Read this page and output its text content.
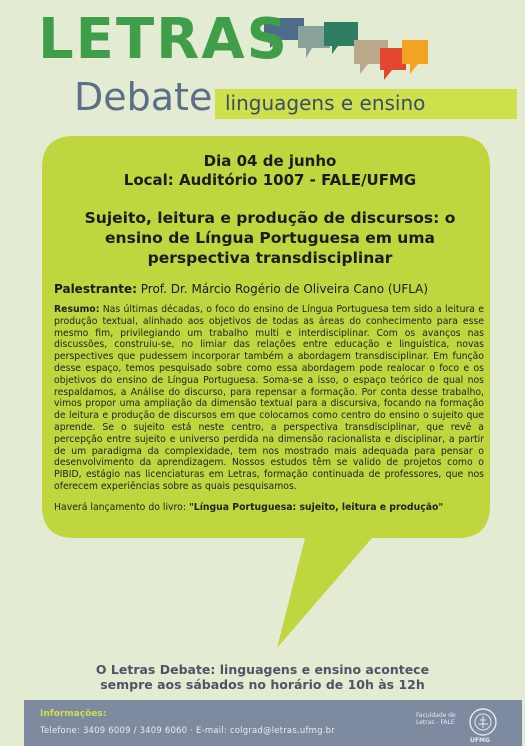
LETRAS
Debate linguagens e ensino
Dia 04 de junho
Local: Auditório 1007 - FALE/UFMG
Sujeito, leitura e produção de discursos: o ensino de Língua Portuguesa em uma perspectiva transdisciplinar
Palestrante: Prof. Dr. Márcio Rogério de Oliveira Cano (UFLA)
Resumo: Nas últimas décadas, o foco do ensino de Língua Portuguesa tem sido a leitura e produção textual, alinhado aos objetivos de todas as áreas do conhecimento para esse mesmo fim, privilegiando um trabalho multi e interdisciplinar. Com os avanços nas discussões, construiu-se, no limiar das relações entre educação e linguística, novas perspectives que pudessem incorporar também a abordagem transdisciplinar. Em função desse espaço, temos pesquisado sobre como essa abordagem pode realocar o foco e os objetivos do ensino de Língua Portuguesa. Soma-se a isso, o espaço teórico de qual nos respaldamos, a Análise do discurso, para repensar a formação. Por conta desse trabalho, vimos propor uma ampliação da dimensão textual para a discursiva, focando na formação de leitura e produção de discursos em que colocamos como centro do ensino o sujeito que aprende. Se o sujeito está neste centro, a perspectiva transdisciplinar, que revê a percepção entre sujeito e universo perdida na dimensão racionalista e disciplinar, a partir de um paradigma da complexidade, tem nos mostrado mais adequada para pensar o desenvolvimento da aprendizagem. Nossos estudos têm se valido de projetos como o PIBID, estágio nas licenciaturas em Letras, formação continuada de professores, que nos oferecem experiências sobre as quais pesquisamos.
Haverá lançamento do livro: "Língua Portuguesa: sujeito, leitura e produção"
O Letras Debate: linguagens e ensino acontece
sempre aos sábados no horário de 10h às 12h
Informações:
Telefone: 3409 6009 / 3409 6060 · E-mail: colgrad@letras.ufmg.br
Faculdade de Letras - FALE
UFMG
